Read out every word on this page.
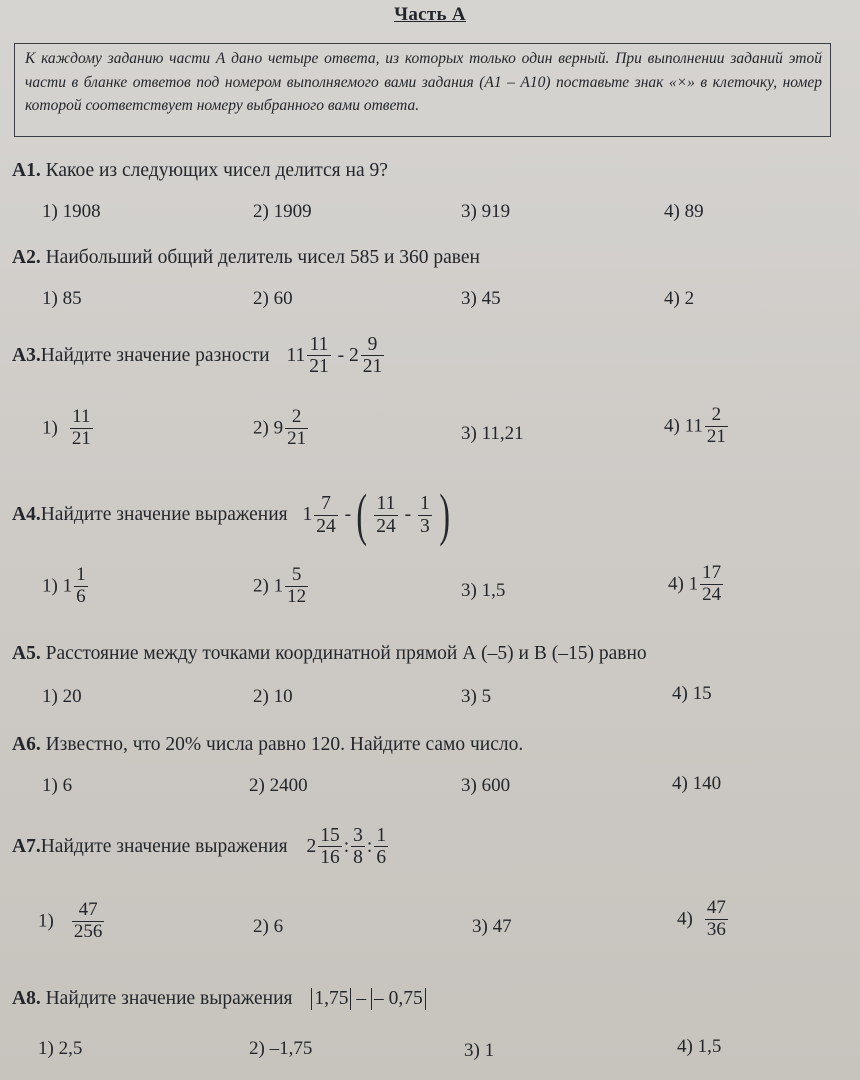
Часть А
К каждому заданию части А дано четыре ответа, из которых только один верный. При выполнении заданий этой части в бланке ответов под номером выполняемого вами задания (А1 – А10) поставьте знак «×» в клеточку, номер которой соответствует номеру выбранного вами ответа.
А1. Какое из следующих чисел делится на 9?
1) 1908	2) 1909	3) 919	4) 89
А2. Наибольший общий делитель чисел 585 и 360 равен
1) 85	2) 60	3) 45	4) 2
А3.Найдите значение разности $11 \frac{11}{21} - 2 \frac{9}{21}$
$1) \frac{11}{21}$	2) $9 \frac{2}{21}$	3) 11,21	4) $11 \frac{2}{21}$
А4.Найдите значение выражения $1 \frac{7}{24}$ - ( $\frac{11}{24} - \frac{1}{3}$ )
1) $1 \frac{1}{6}$	2) $1 \frac{5}{12}$	3) 1,5	4) $1 \frac{17}{24}$
А5. Расстояние между точками координатной прямой А (–5) и В (–15) равно
1) 20	2) 10	3) 5	4) 15
А6. Известно, что 20% числа равно 120. Найдите само число.
1) 6	2) 2400	3) 600	4) 140
А7.Найдите значение выражения $2 \frac{15}{16}$ : $\frac{3}{8}$ : $\frac{1}{6}$
$1) \frac{47}{256}$	2) 6	3) 47	$4) \frac{47}{36}$
А8. Найдите значение выражения 1,75 – – 0,75
1) 2,5	2) –1,75	3) 1	4) 1,5
